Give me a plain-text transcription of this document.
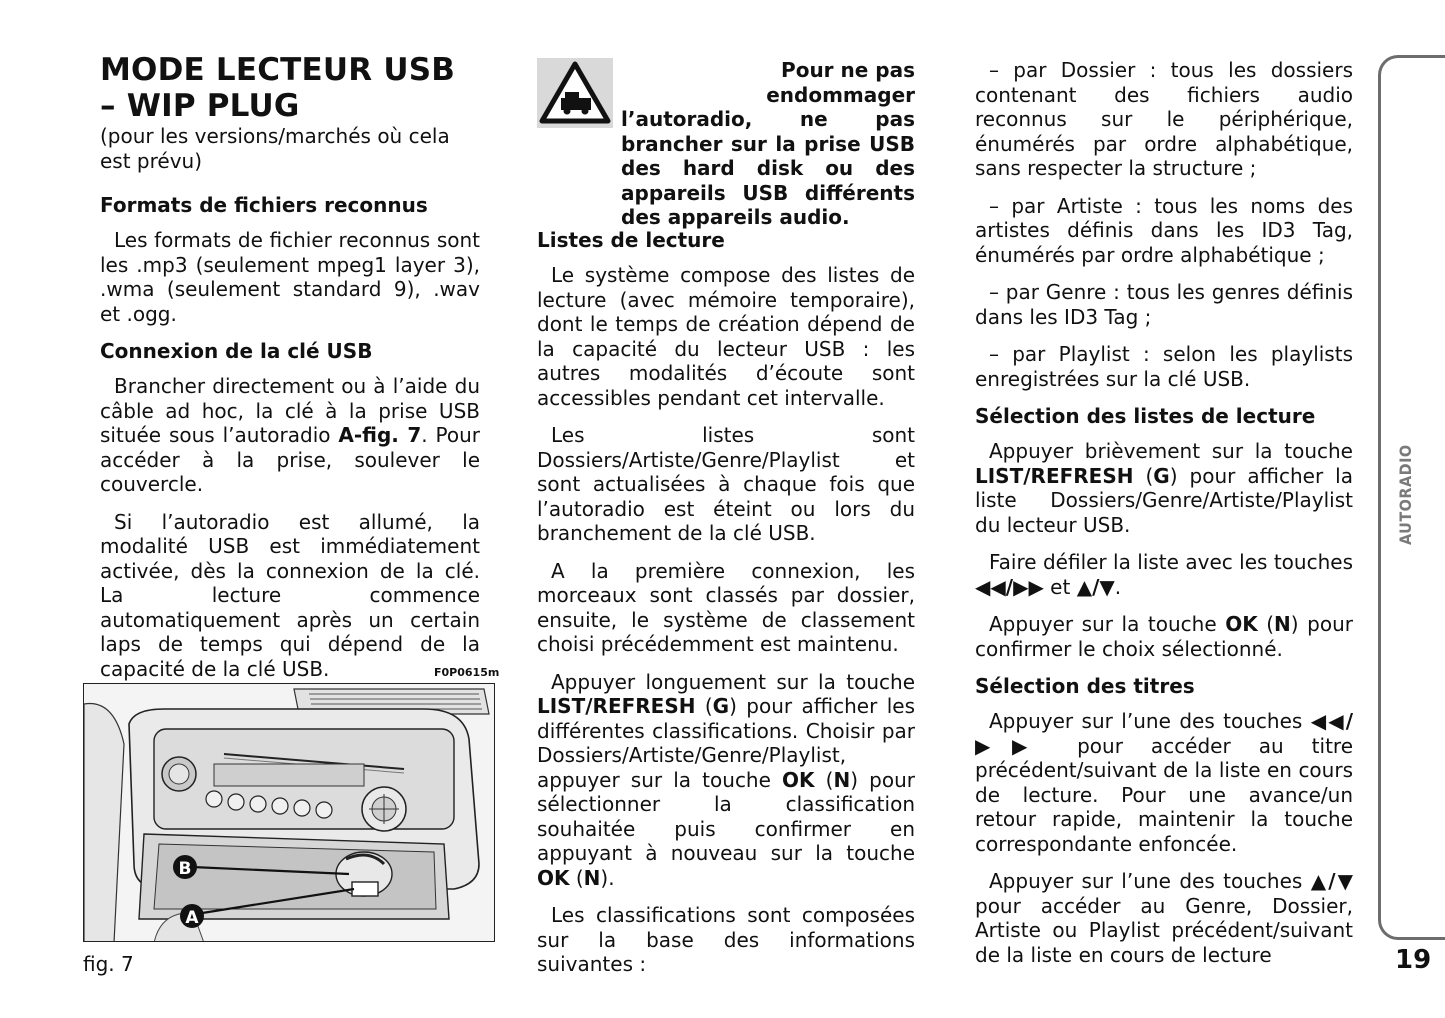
MODE LECTEUR USB
– WIP PLUG

(pour les versions/marchés où cela est prévu)

Formats de fichiers reconnus

Les formats de fichier reconnus sont les .mp3 (seulement mpeg1 layer 3), .wma (seulement standard 9), .wav et .ogg.

Connexion de la clé USB

Brancher directement ou à l’aide du câble ad hoc, la clé à la prise USB située sous l’autoradio A-fig. 7. Pour accéder à la prise, soulever le couvercle.

Si l’autoradio est allumé, la modalité USB est immédiatement activée, dès la connexion de la clé. La lecture commence automatiquement après un certain laps de temps qui dépend de la capacité de la clé USB.	F0P0615m
B
A
fig. 7
Pour ne pas endommager
l’autoradio, ne pas brancher sur la prise USB des hard disk ou des appareils USB différents des appareils audio.
Listes de lecture

Le système compose des listes de lecture (avec mémoire temporaire), dont le temps de création dépend de la capacité du lecteur USB : les autres modalités d’écoute sont accessibles pendant cet intervalle.

Les listes sont Dossiers/Artiste/Genre/Playlist et sont actualisées à chaque fois que l’autoradio est éteint ou lors du branchement de la clé USB.

A la première connexion, les morceaux sont classés par dossier, ensuite, le système de classement choisi précédemment est maintenu.

Appuyer longuement sur la touche LIST/REFRESH (G) pour afficher les différentes classifications. Choisir par Dossiers/Artiste/Genre/Playlist, appuyer sur la touche OK (N) pour sélectionner la classification souhaitée puis confirmer en appuyant à nouveau sur la touche OK (N).

Les classifications sont composées sur la base des informations suivantes :

– par Dossier : tous les dossiers contenant des fichiers audio reconnus sur le périphérique, énumérés par ordre alphabétique, sans respecter la structure ;

– par Artiste : tous les noms des artistes définis dans les ID3 Tag, énumérés par ordre alphabétique ;

– par Genre : tous les genres définis dans les ID3 Tag ;

– par Playlist : selon les playlists enregistrées sur la clé USB.

Sélection des listes de lecture

Appuyer brièvement sur la touche LIST/REFRESH (G) pour afficher la liste Dossiers/Genre/Artiste/Playlist du lecteur USB.

Faire défiler la liste avec les touches ◀◀/▶▶ et ▲/▼.

Appuyer sur la touche OK (N) pour confirmer le choix sélectionné.

Sélection des titres

Appuyer sur l’une des touches ◀◀/▶▶ pour accéder au titre précédent/suivant de la liste en cours de lecture. Pour une avance/un retour rapide, maintenir la touche correspondante enfoncée.

Appuyer sur l’une des touches ▲/▼ pour accéder au Genre, Dossier, Artiste ou Playlist précédent/suivant de la liste en cours de lecture

AUTORADIO
19
